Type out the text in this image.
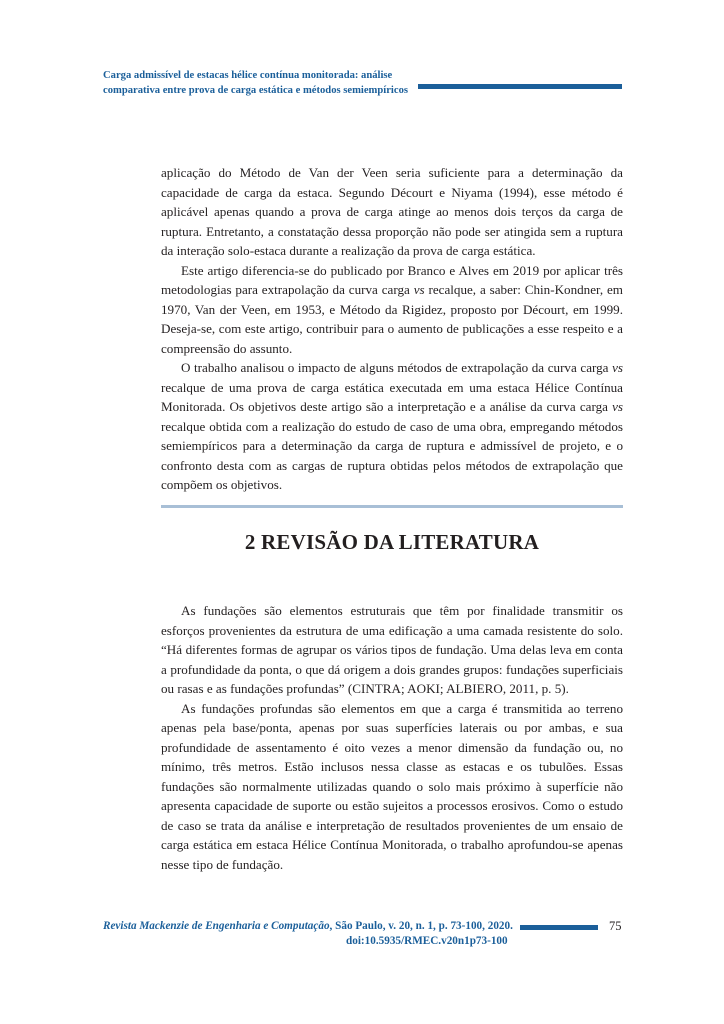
Carga admissível de estacas hélice contínua monitorada: análise
comparativa entre prova de carga estática e métodos semiempíricos

aplicação do Método de Van der Veen seria suficiente para a determinação da capacidade de carga da estaca. Segundo Décourt e Niyama (1994), esse método é aplicável apenas quando a prova de carga atinge ao menos dois terços da carga de ruptura. Entretanto, a constatação dessa proporção não pode ser atingida sem a ruptura da interação solo-estaca durante a realização da prova de carga estática.

Este artigo diferencia-se do publicado por Branco e Alves em 2019 por aplicar três metodologias para extrapolação da curva carga vs recalque, a saber: Chin-Kondner, em 1970, Van der Veen, em 1953, e Método da Rigidez, proposto por Décourt, em 1999. Deseja-se, com este artigo, contribuir para o aumento de publicações a esse respeito e a compreensão do assunto.

O trabalho analisou o impacto de alguns métodos de extrapolação da curva carga vs recalque de uma prova de carga estática executada em uma estaca Hélice Contínua Monitorada. Os objetivos deste artigo são a interpretação e a análise da curva carga vs recalque obtida com a realização do estudo de caso de uma obra, empregando métodos semiempíricos para a determinação da carga de ruptura e admissível de projeto, e o confronto desta com as cargas de ruptura obtidas pelos métodos de extrapolação que compõem os objetivos.

2 REVISÃO DA LITERATURA

As fundações são elementos estruturais que têm por finalidade transmitir os esforços provenientes da estrutura de uma edificação a uma camada resistente do solo. “Há diferentes formas de agrupar os vários tipos de fundação. Uma delas leva em conta a profundidade da ponta, o que dá origem a dois grandes grupos: fundações superficiais ou rasas e as fundações profundas” (CINTRA; AOKI; ALBIERO, 2011, p. 5).

As fundações profundas são elementos em que a carga é transmitida ao terreno apenas pela base/ponta, apenas por suas superfícies laterais ou por ambas, e sua profundidade de assentamento é oito vezes a menor dimensão da fundação ou, no mínimo, três metros. Estão inclusos nessa classe as estacas e os tubulões. Essas fundações são normalmente utilizadas quando o solo mais próximo à superfície não apresenta capacidade de suporte ou estão sujeitos a processos erosivos. Como o estudo de caso se trata da análise e interpretação de resultados provenientes de um ensaio de carga estática em estaca Hélice Contínua Monitorada, o trabalho aprofundou-se apenas nesse tipo de fundação.

Revista Mackenzie de Engenharia e Computação, São Paulo, v. 20, n. 1, p. 73-100, 2020.	75
doi:10.5935/RMEC.v20n1p73-100
